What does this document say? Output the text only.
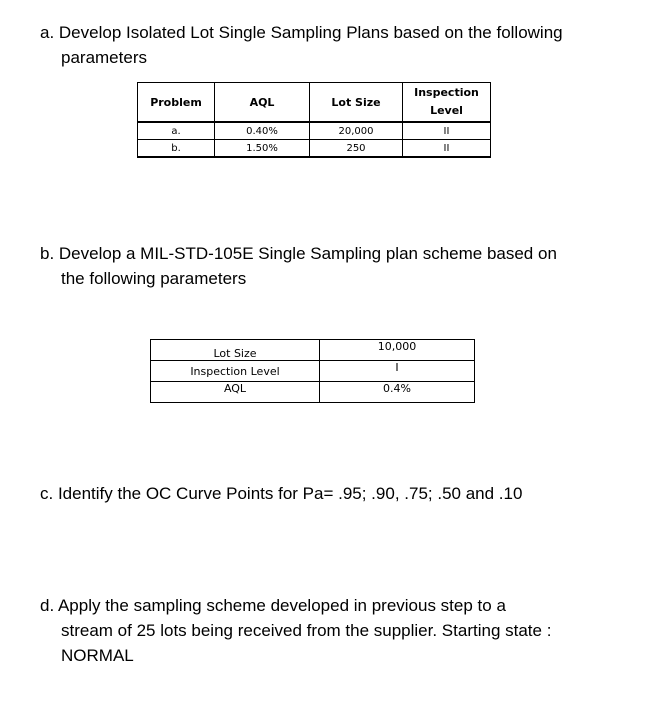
a. Develop Isolated Lot Single Sampling Plans based on the following
parameters
Problem	AQL	Lot Size	Inspection
Level
a.	0.40%	20,000	II
b.	1.50%	250	II
b. Develop a MIL-STD-105E Single Sampling plan scheme based on
the following parameters
Lot Size	10,000
Inspection Level	I
AQL	0.4%
c. Identify the OC Curve Points for Pa= .95; .90, .75; .50 and .10
d. Apply the sampling scheme developed in previous step to a
stream of 25 lots being received from the supplier. Starting state :
NORMAL
